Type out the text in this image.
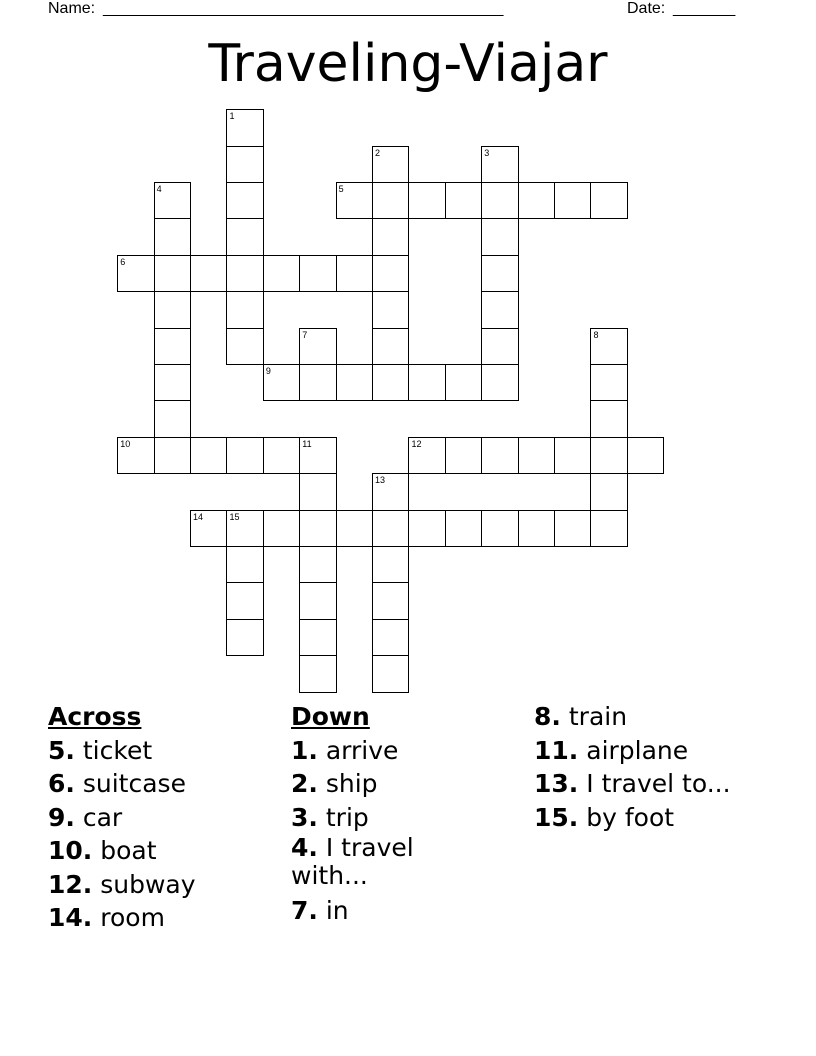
Name: _____________________________________________	Date: _______
Traveling-Viajar
1
2	3
4	5
6
7	8
9
10	11	12
13
14	15
Across
5. ticket
6. suitcase
9. car
10. boat
12. subway
14. room
Down
1. arrive
2. ship
3. trip
4. I travel with...
7. in
8. train
11. airplane
13. I travel to...
15. by foot
